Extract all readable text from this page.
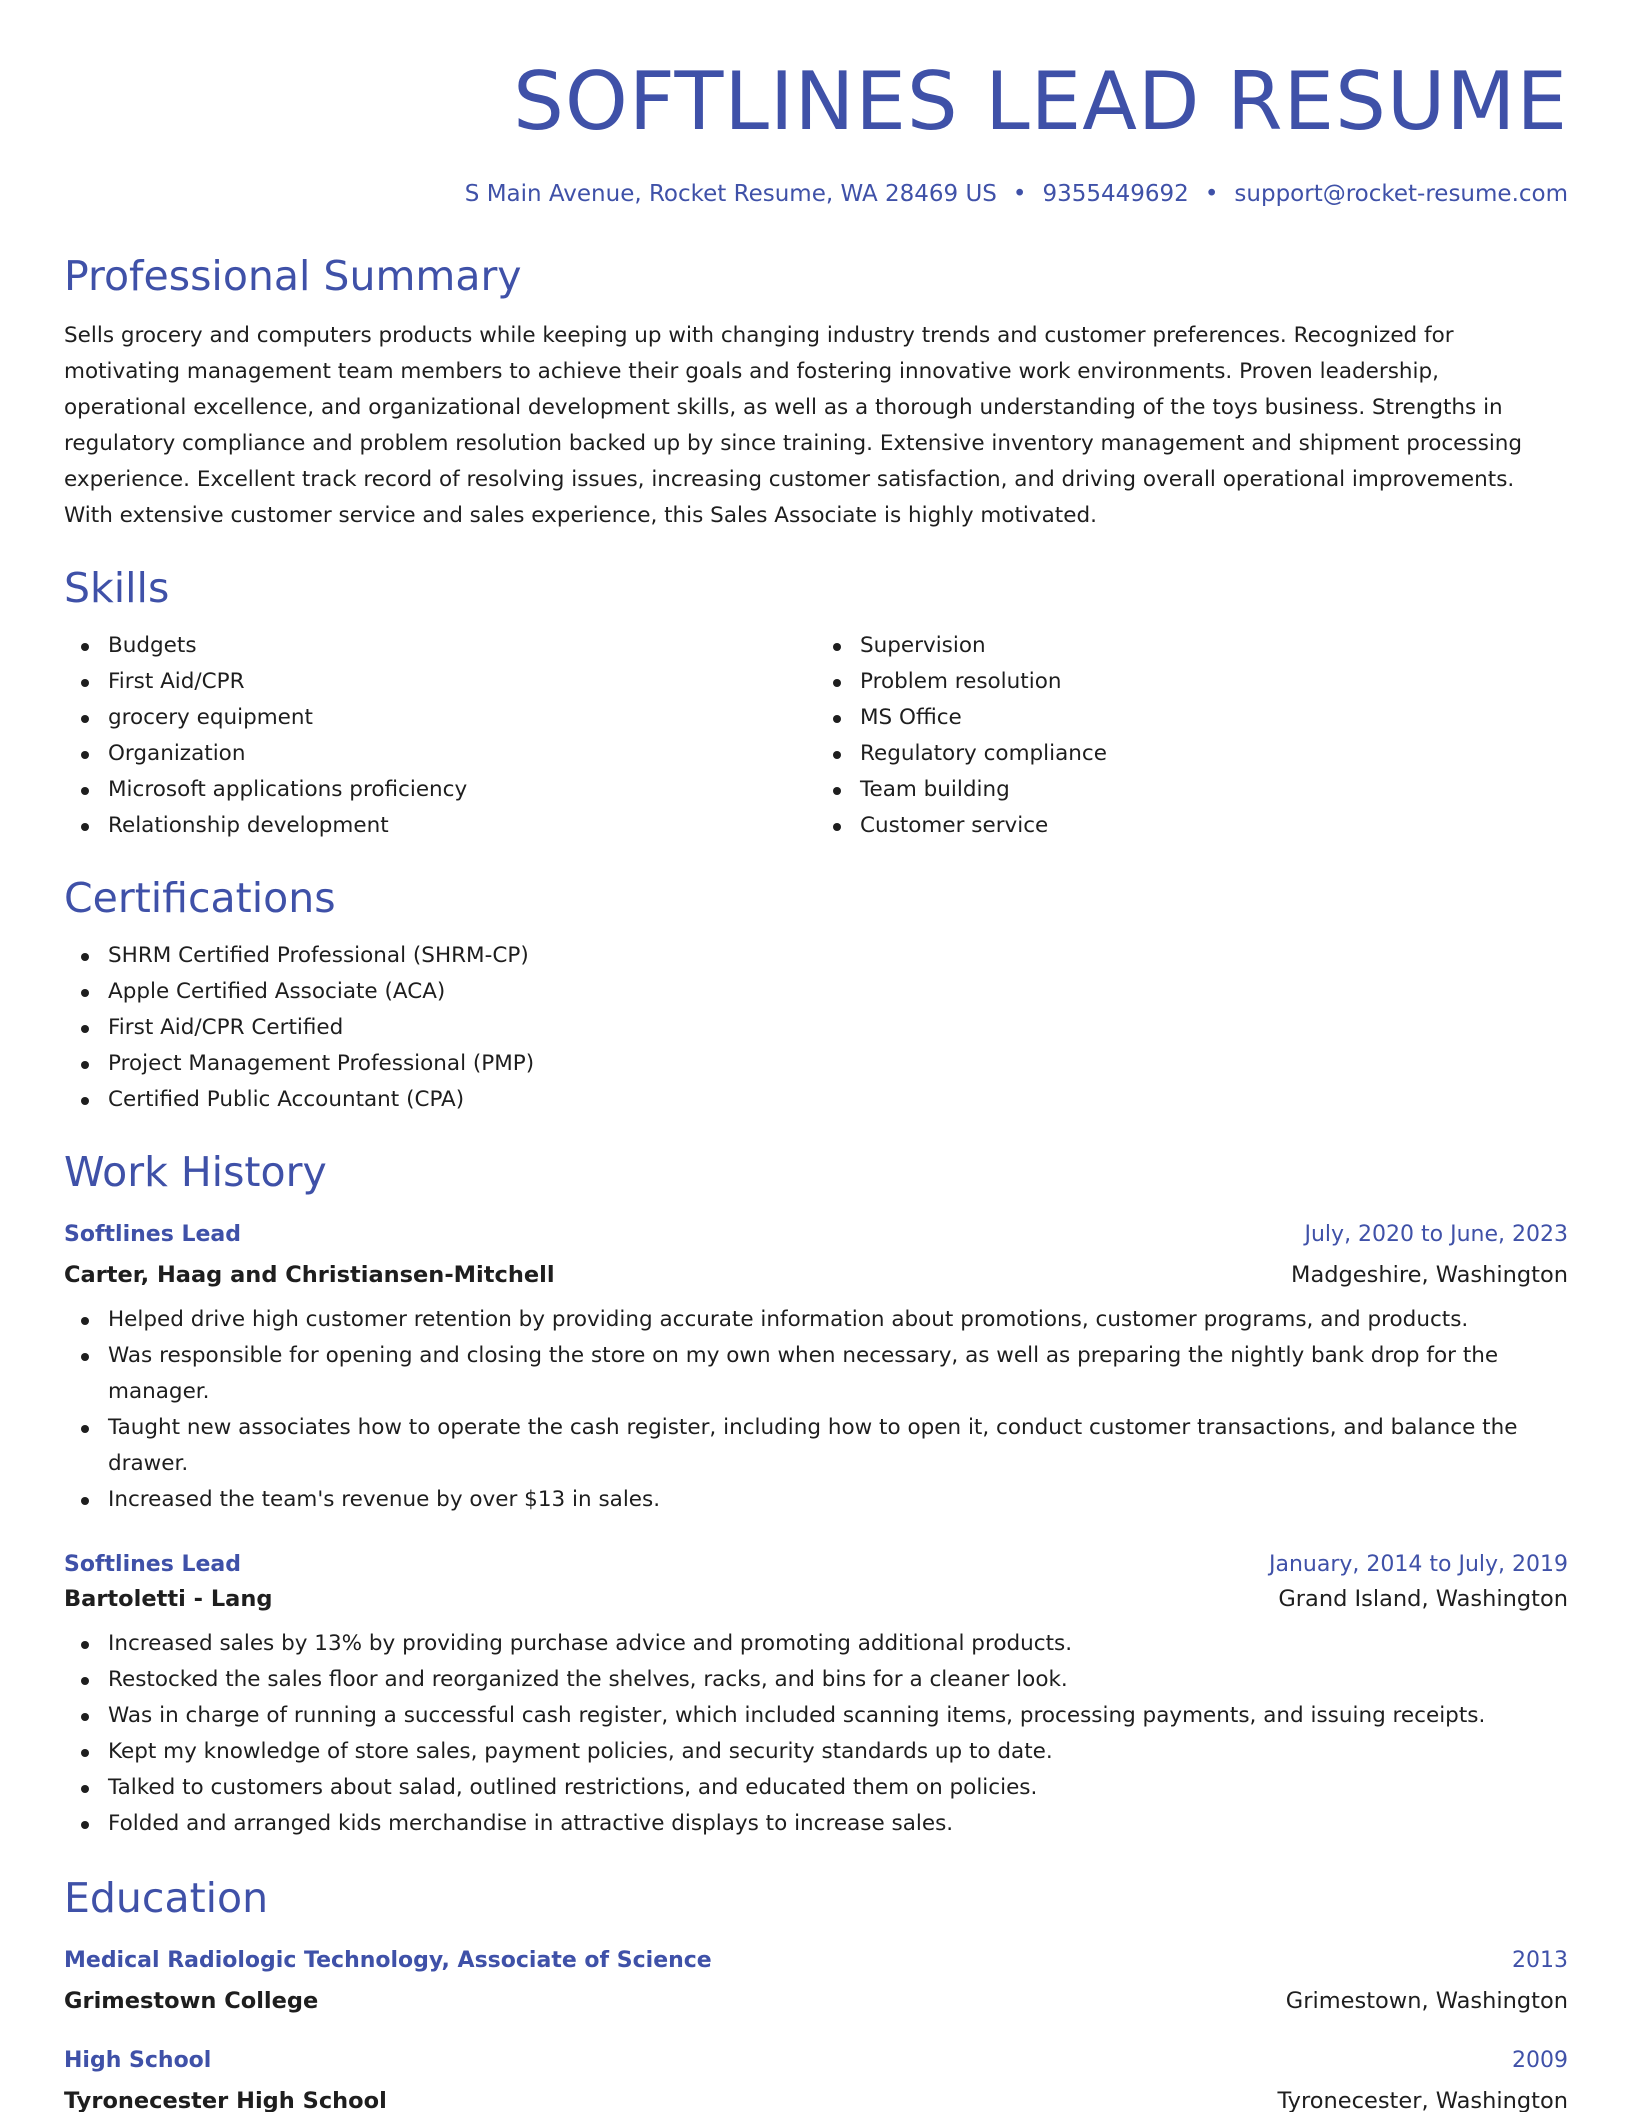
SOFTLINES LEAD RESUME
S Main Avenue, Rocket Resume, WA 28469 US • 9355449692 • support@rocket-resume.com
Professional Summary

Sells grocery and computers products while keeping up with changing industry trends and customer preferences. Recognized for motivating management team members to achieve their goals and fostering innovative work environments. Proven leadership, operational excellence, and organizational development skills, as well as a thorough understanding of the toys business. Strengths in regulatory compliance and problem resolution backed up by since training. Extensive inventory management and shipment processing experience. Excellent track record of resolving issues, increasing customer satisfaction, and driving overall operational improvements. With extensive customer service and sales experience, this Sales Associate is highly motivated.

Skills
Budgets
First Aid/CPR
grocery equipment
Organization
Microsoft applications proficiency
Relationship development
Supervision
Problem resolution
MS Office
Regulatory compliance
Team building
Customer service
Certifications
SHRM Certified Professional (SHRM-CP)
Apple Certified Associate (ACA)
First Aid/CPR Certified
Project Management Professional (PMP)
Certified Public Accountant (CPA)
Work History
Softlines Lead	July, 2020 to June, 2023
Carter, Haag and Christiansen-Mitchell	Madgeshire, Washington
Helped drive high customer retention by providing accurate information about promotions, customer programs, and products.
Was responsible for opening and closing the store on my own when necessary, as well as preparing the nightly bank drop for the manager.
Taught new associates how to operate the cash register, including how to open it, conduct customer transactions, and balance the drawer.
Increased the team's revenue by over $13 in sales.
Softlines Lead	January, 2014 to July, 2019
Bartoletti - Lang	Grand Island, Washington
Increased sales by 13% by providing purchase advice and promoting additional products.
Restocked the sales floor and reorganized the shelves, racks, and bins for a cleaner look.
Was in charge of running a successful cash register, which included scanning items, processing payments, and issuing receipts.
Kept my knowledge of store sales, payment policies, and security standards up to date.
Talked to customers about salad, outlined restrictions, and educated them on policies.
Folded and arranged kids merchandise in attractive displays to increase sales.
Education
Medical Radiologic Technology, Associate of Science	2013
Grimestown College	Grimestown, Washington
High School	2009
Tyronecester High School	Tyronecester, Washington
